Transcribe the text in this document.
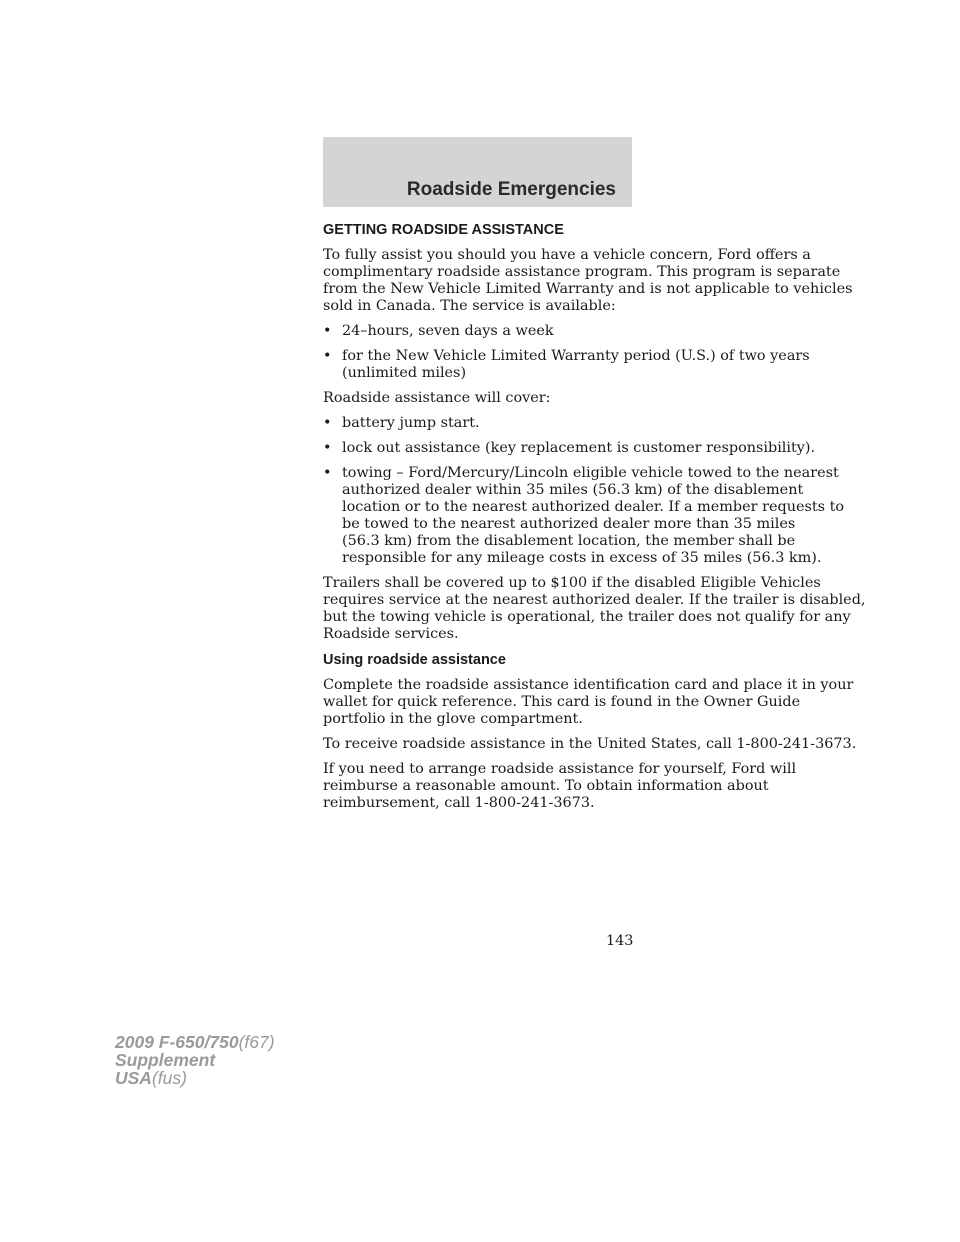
Roadside Emergencies
GETTING ROADSIDE ASSISTANCE
To fully assist you should you have a vehicle concern, Ford offers a
complimentary roadside assistance program. This program is separate
from the New Vehicle Limited Warranty and is not applicable to vehicles
sold in Canada. The service is available:
• 24–hours, seven days a week
• for the New Vehicle Limited Warranty period (U.S.) of two years
(unlimited miles)
Roadside assistance will cover:
• battery jump start.
• lock out assistance (key replacement is customer responsibility).
• towing – Ford/Mercury/Lincoln eligible vehicle towed to the nearest
authorized dealer within 35 miles (56.3 km) of the disablement
location or to the nearest authorized dealer. If a member requests to
be towed to the nearest authorized dealer more than 35 miles
(56.3 km) from the disablement location, the member shall be
responsible for any mileage costs in excess of 35 miles (56.3 km).
Trailers shall be covered up to $100 if the disabled Eligible Vehicles
requires service at the nearest authorized dealer. If the trailer is disabled,
but the towing vehicle is operational, the trailer does not qualify for any
Roadside services.
Using roadside assistance
Complete the roadside assistance identification card and place it in your
wallet for quick reference. This card is found in the Owner Guide
portfolio in the glove compartment.
To receive roadside assistance in the United States, call 1-800-241-3673.
If you need to arrange roadside assistance for yourself, Ford will
reimburse a reasonable amount. To obtain information about
reimbursement, call 1-800-241-3673.
143
2009 F-650/750(f67)
Supplement
USA(fus)
